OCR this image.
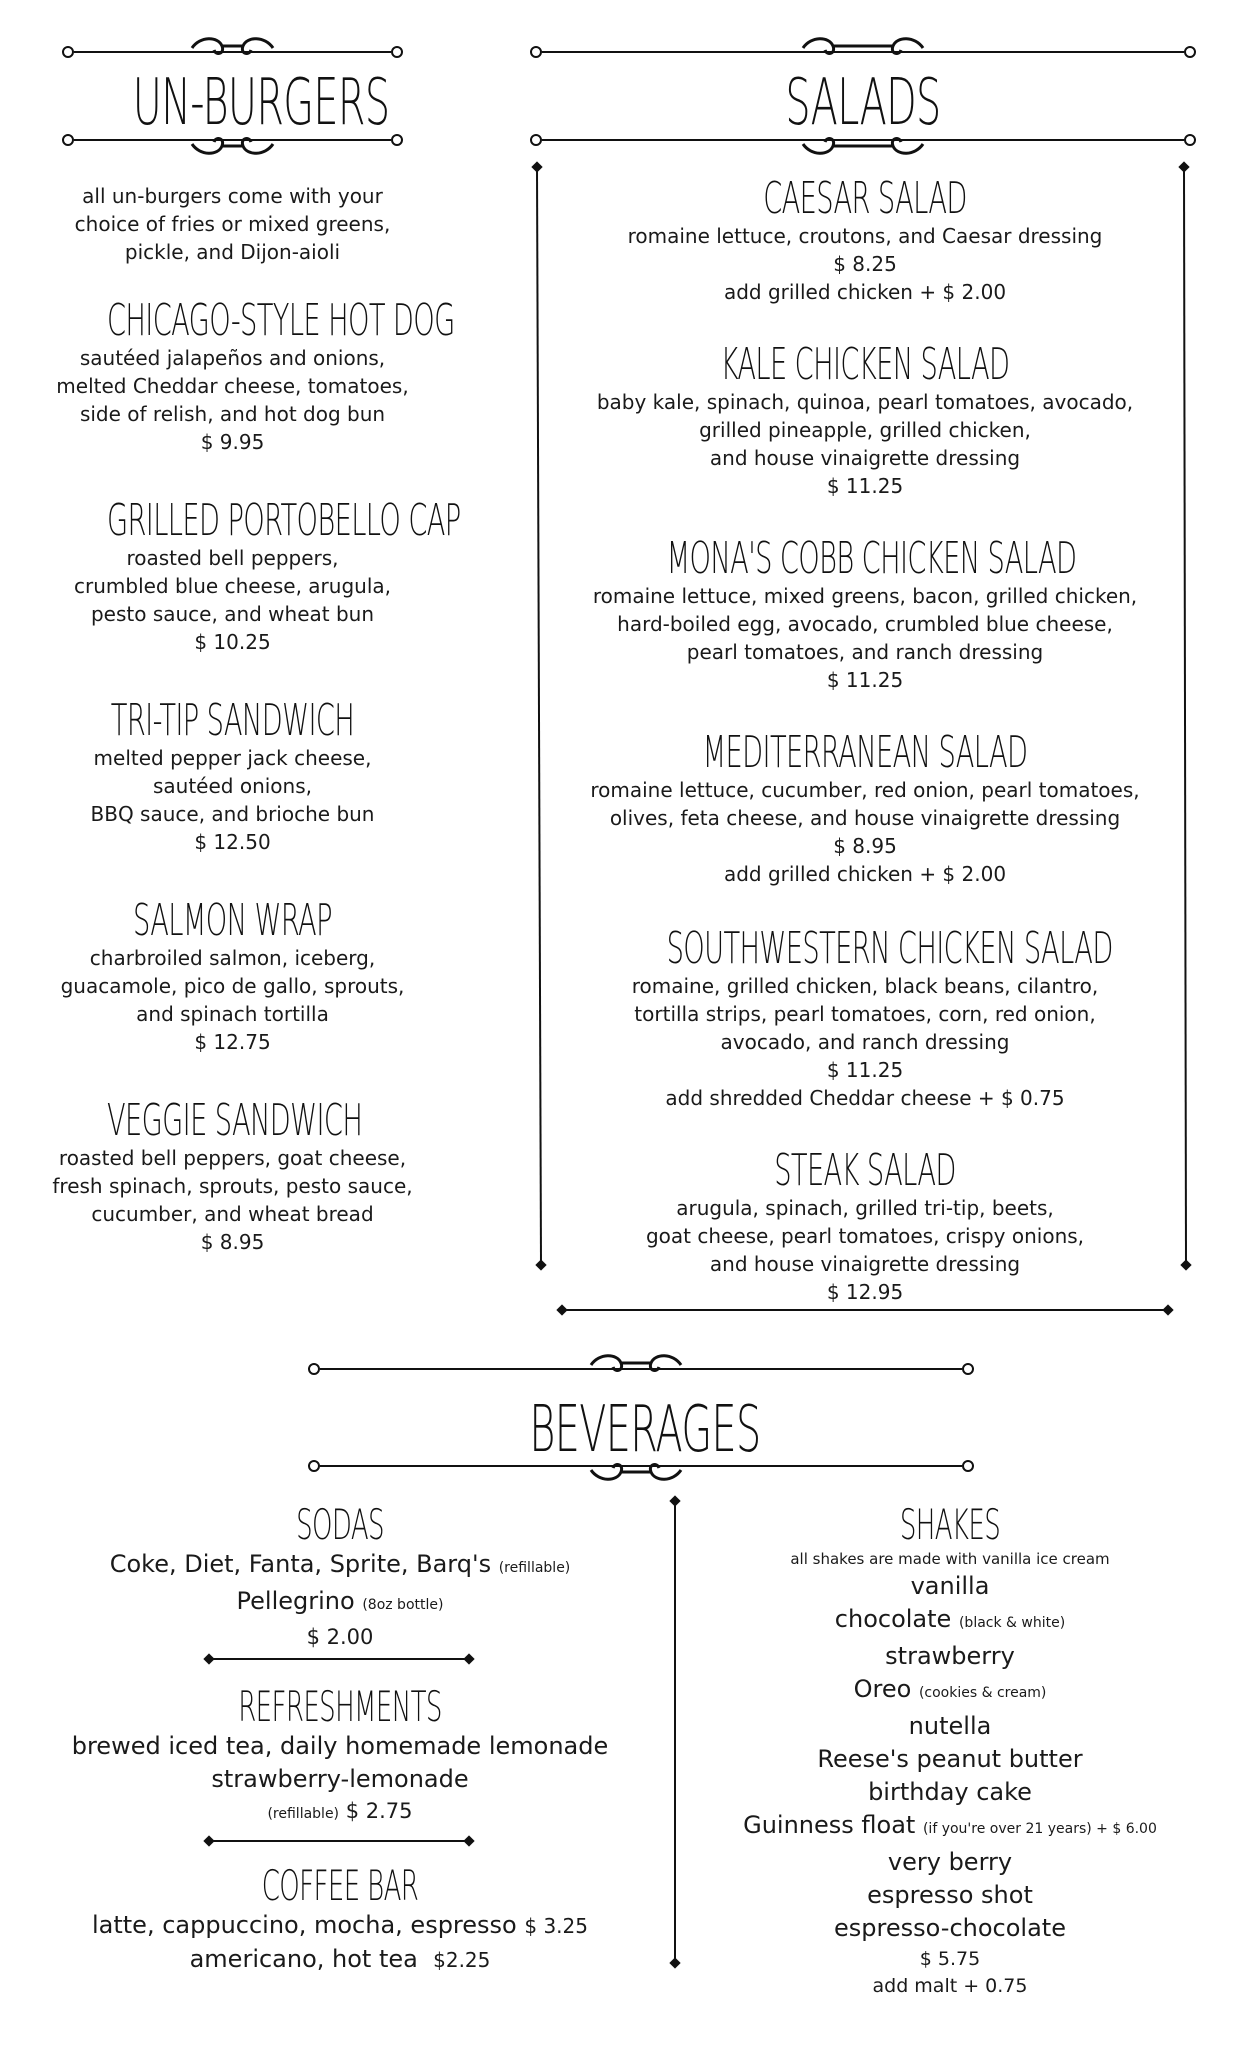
UN-BURGERS
all un-burgers come with your
choice of fries or mixed greens,
pickle, and Dijon-aioli
CHICAGO-STYLE HOT DOG
sautéed jalapeños and onions,
melted Cheddar cheese, tomatoes,
side of relish, and hot dog bun
$ 9.95
GRILLED PORTOBELLO CAP
roasted bell peppers,
crumbled blue cheese, arugula,
pesto sauce, and wheat bun
$ 10.25
TRI-TIP SANDWICH
melted pepper jack cheese,
sautéed onions,
BBQ sauce, and brioche bun
$ 12.50
SALMON WRAP
charbroiled salmon, iceberg,
guacamole, pico de gallo, sprouts,
and spinach tortilla
$ 12.75
VEGGIE SANDWICH
roasted bell peppers, goat cheese,
fresh spinach, sprouts, pesto sauce,
cucumber, and wheat bread
$ 8.95
SALADS
CAESAR SALAD
romaine lettuce, croutons, and Caesar dressing
$ 8.25
add grilled chicken + $ 2.00
KALE CHICKEN SALAD
baby kale, spinach, quinoa, pearl tomatoes, avocado,
grilled pineapple, grilled chicken,
and house vinaigrette dressing
$ 11.25
MONA'S COBB CHICKEN SALAD
romaine lettuce, mixed greens, bacon, grilled chicken,
hard-boiled egg, avocado, crumbled blue cheese,
pearl tomatoes, and ranch dressing
$ 11.25
MEDITERRANEAN SALAD
romaine lettuce, cucumber, red onion, pearl tomatoes,
olives, feta cheese, and house vinaigrette dressing
$ 8.95
add grilled chicken + $ 2.00
SOUTHWESTERN CHICKEN SALAD
romaine, grilled chicken, black beans, cilantro,
tortilla strips, pearl tomatoes, corn, red onion,
avocado, and ranch dressing
$ 11.25
add shredded Cheddar cheese + $ 0.75
STEAK SALAD
arugula, spinach, grilled tri-tip, beets,
goat cheese, pearl tomatoes, crispy onions,
and house vinaigrette dressing
$ 12.95
BEVERAGES
SODAS
Coke, Diet, Fanta, Sprite, Barq's (refillable)
Pellegrino (8oz bottle)
$ 2.00
REFRESHMENTS
brewed iced tea, daily homemade lemonade
strawberry-lemonade
(refillable) $ 2.75
COFFEE BAR
latte, cappuccino, mocha, espresso $ 3.25
americano, hot tea $2.25
SHAKES
all shakes are made with vanilla ice cream
vanilla
chocolate (black & white)
strawberry
Oreo (cookies & cream)
nutella
Reese's peanut butter
birthday cake
Guinness float (if you're over 21 years) + $ 6.00
very berry
espresso shot
espresso-chocolate
$ 5.75
add malt + 0.75
